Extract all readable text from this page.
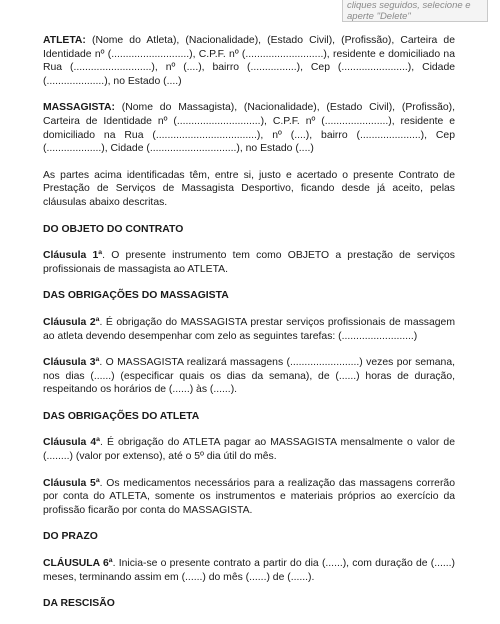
cliques seguidos, selecione e
aperte "Delete"

ATLETA: (Nome do Atleta), (Nacionalidade), (Estado Civil), (Profissão), Carteira de Identidade nº (...........................), C.P.F. nº (...........................), residente e domiciliado na Rua (...........................), nº (....), bairro (................), Cep (.......................), Cidade (....................), no Estado (....)

MASSAGISTA: (Nome do Massagista), (Nacionalidade), (Estado Civil), (Profissão), Carteira de Identidade nº (.............................), C.P.F. nº (......................), residente e domiciliado na Rua (...................................), nº (....), bairro (.....................), Cep (...................), Cidade (..............................), no Estado (....)

As partes acima identificadas têm, entre si, justo e acertado o presente Contrato de Prestação de Serviços de Massagista Desportivo, ficando desde já aceito, pelas cláusulas abaixo descritas.

DO OBJETO DO CONTRATO

Cláusula 1ª. O presente instrumento tem como OBJETO a prestação de serviços profissionais de massagista ao ATLETA.

DAS OBRIGAÇÕES DO MASSAGISTA

Cláusula 2ª. É obrigação do MASSAGISTA prestar serviços profissionais de massagem ao atleta devendo desempenhar com zelo as seguintes tarefas: (.........................)

Cláusula 3ª. O MASSAGISTA realizará massagens (........................) vezes por semana, nos dias (......) (especificar quais os dias da semana), de (......) horas de duração, respeitando os horários de (......) às (......).

DAS OBRIGAÇÕES DO ATLETA

Cláusula 4ª. É obrigação do ATLETA pagar ao MASSAGISTA mensalmente o valor de (........) (valor por extenso), até o 5º dia útil do mês.

Cláusula 5ª. Os medicamentos necessários para a realização das massagens correrão por conta do ATLETA, somente os instrumentos e materiais próprios ao exercício da profissão ficarão por conta do MASSAGISTA.

DO PRAZO

CLÁUSULA 6ª. Inicia-se o presente contrato a partir do dia (......), com duração de (......) meses, terminando assim em (......) do mês (......) de (......).

DA RESCISÃO
